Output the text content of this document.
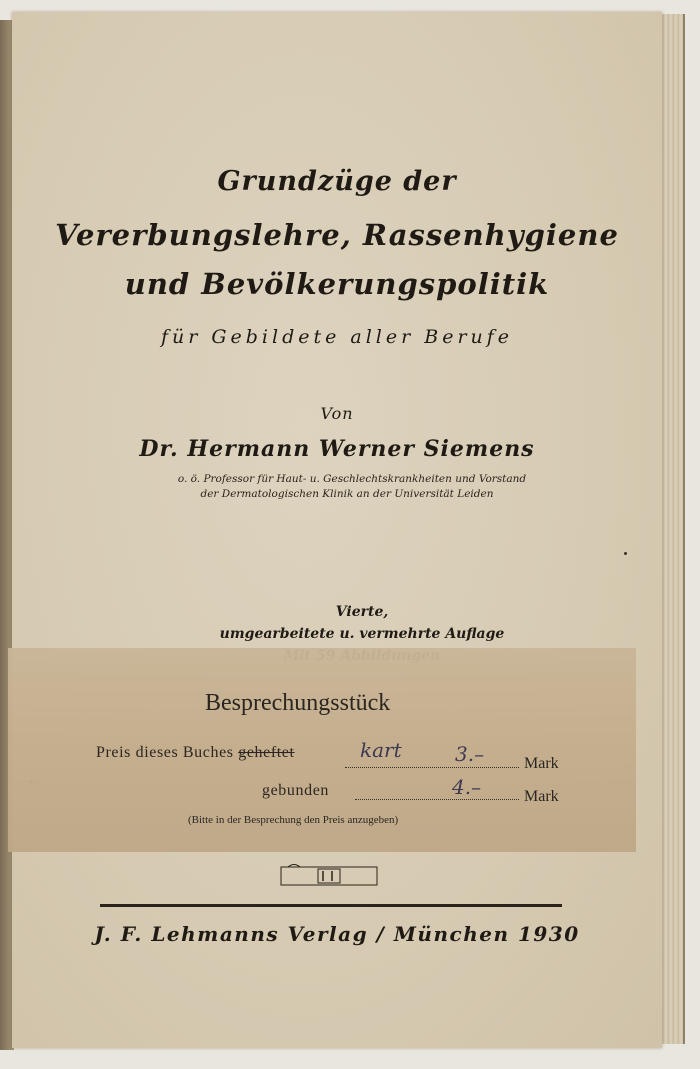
Grundzüge der
Vererbungslehre, Rassenhygiene
und Bevölkerungspolitik
für Gebildete aller Berufe
Von
Dr. Hermann Werner Siemens
o. ö. Professor für Haut- u. Geschlechtskrankheiten und Vorstand
der Dermatologischen Klinik an der Universität Leiden
Vierte,
umgearbeitete u. vermehrte Auflage
J. F. Lehmanns Verlag / München 1930
Besprechungsstück
Preis dieses Buches geheftet	kart	3.– Mark
gebunden	4.–	Mark
(Bitte in der Besprechung den Preis anzugeben)
